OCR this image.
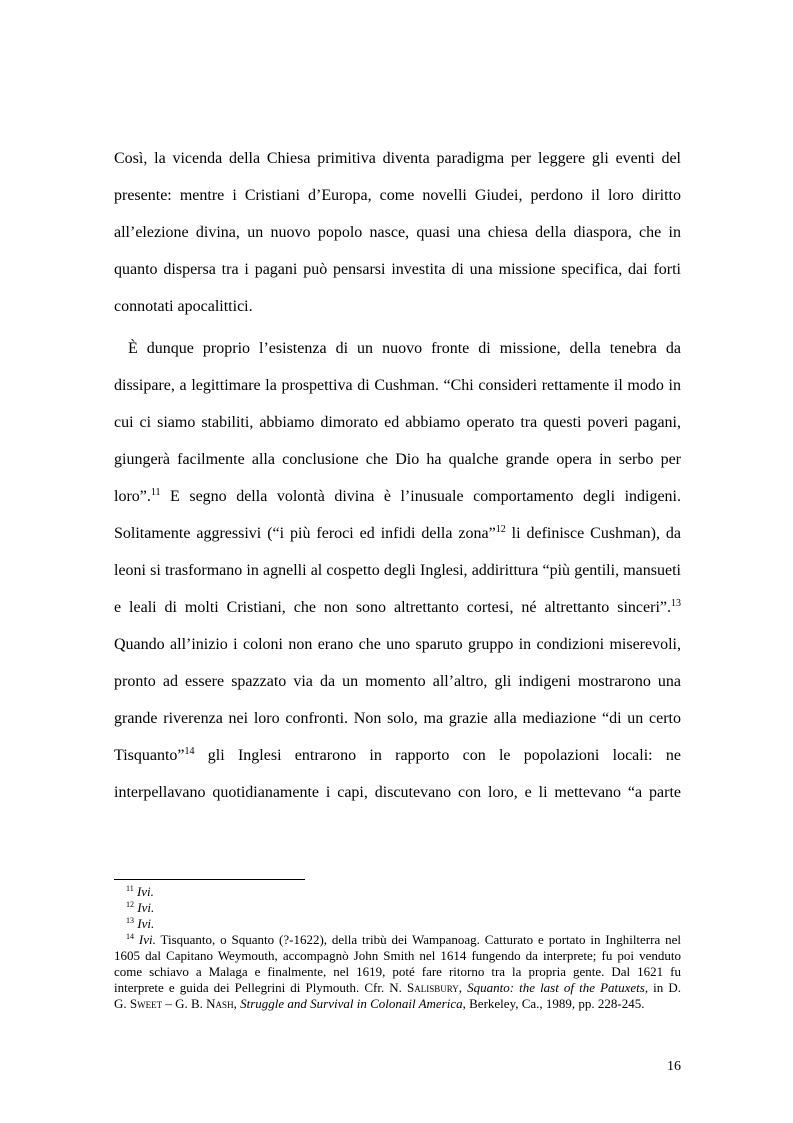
Così, la vicenda della Chiesa primitiva diventa paradigma per leggere gli eventi del
presente: mentre i Cristiani d’Europa, come novelli Giudei, perdono il loro diritto
all’elezione divina, un nuovo popolo nasce, quasi una chiesa della diaspora, che in
quanto dispersa tra i pagani può pensarsi investita di una missione specifica, dai forti
connotati apocalittici.
È dunque proprio l’esistenza di un nuovo fronte di missione, della tenebra da
dissipare, a legittimare la prospettiva di Cushman. “Chi consideri rettamente il modo in
cui ci siamo stabiliti, abbiamo dimorato ed abbiamo operato tra questi poveri pagani,
giungerà facilmente alla conclusione che Dio ha qualche grande opera in serbo per
loro”.$^{11}$ E segno della volontà divina è l’inusuale comportamento degli indigeni.
Solitamente aggressivi (“i più feroci ed infidi della zona”$^{12}$ li definisce Cushman), da
leoni si trasformano in agnelli al cospetto degli Inglesi, addirittura “più gentili, mansueti
e leali di molti Cristiani, che non sono altrettanto cortesi, né altrettanto sinceri”.$^{13}$
Quando all’inizio i coloni non erano che uno sparuto gruppo in condizioni miserevoli,
pronto ad essere spazzato via da un momento all’altro, gli indigeni mostrarono una
grande riverenza nei loro confronti. Non solo, ma grazie alla mediazione “di un certo
Tisquanto”$^{14}$ gli Inglesi entrarono in rapporto con le popolazioni locali: ne
interpellavano quotidianamente i capi, discutevano con loro, e li mettevano “a parte
$^{11}$ Ivi.
$^{12}$ Ivi.
$^{13}$ Ivi.
$^{14}$ Ivi. Tisquanto, o Squanto (?-1622), della tribù dei Wampanoag. Catturato e portato in Inghilterra nel
1605 dal Capitano Weymouth, accompagnò John Smith nel 1614 fungendo da interprete; fu poi venduto
come schiavo a Malaga e finalmente, nel 1619, poté fare ritorno tra la propria gente. Dal 1621 fu
interprete e guida dei Pellegrini di Plymouth. Cfr. N. Salisbury, Squanto: the last of the Patuxets, in D.
G. Sweet – G. B. Nash, Struggle and Survival in Colonail America, Berkeley, Ca., 1989, pp. 228-245.
16
